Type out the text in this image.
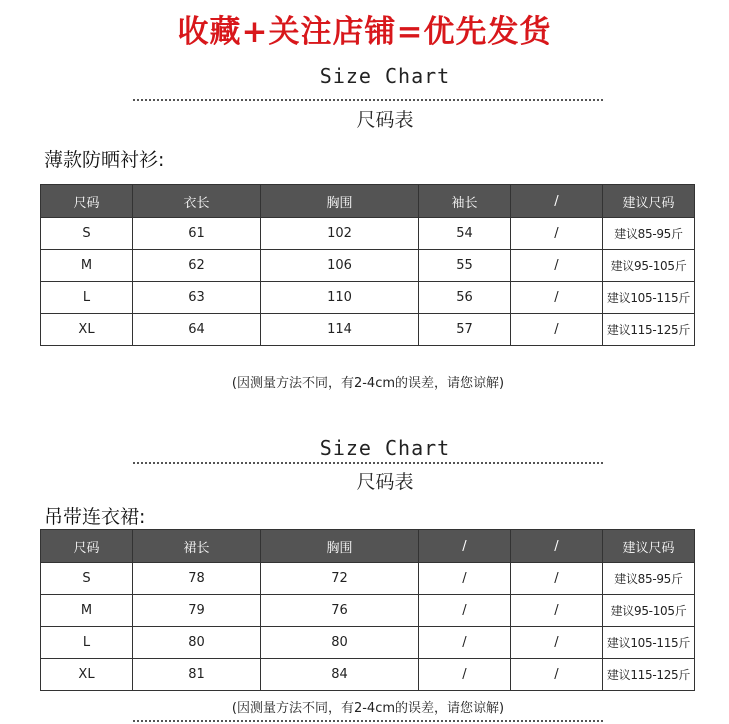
收藏+关注店铺=优先发货
Size Chart
尺码表
薄款防晒衬衫:
尺码	衣长	胸围	袖长	/	建议尺码
S	61	102	54	/	建议85-95斤
M	62	106	55	/	建议95-105斤
L	63	110	56	/	建议105-115斤
XL	64	114	57	/	建议115-125斤
(因测量方法不同，有2-4cm的误差，请您谅解)
Size Chart
尺码表
吊带连衣裙:
尺码	裙长	胸围	/	/	建议尺码
S	78	72	/	/	建议85-95斤
M	79	76	/	/	建议95-105斤
L	80	80	/	/	建议105-115斤
XL	81	84	/	/	建议115-125斤
(因测量方法不同，有2-4cm的误差，请您谅解)
